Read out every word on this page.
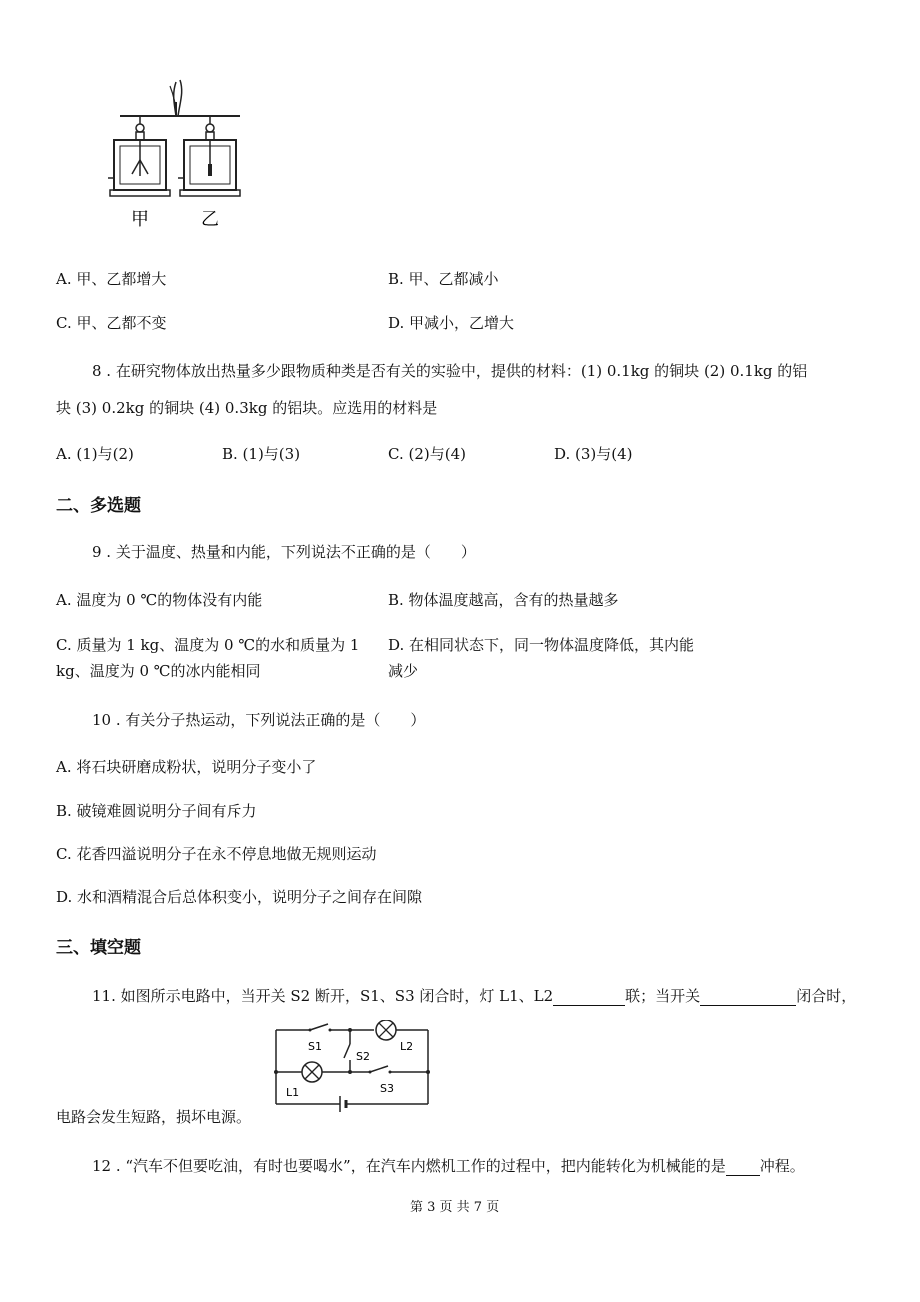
甲	乙
A. 甲、乙都增大	B. 甲、乙都减小
C. 甲、乙都不变	D. 甲减小，乙增大
8 . 在研究物体放出热量多少跟物质种类是否有关的实验中，提供的材料：(1) 0.1kg 的铜块 (2) 0.1kg 的铝
块 (3) 0.2kg 的铜块 (4) 0.3kg 的铝块。应选用的材料是
A. (1)与(2)	B. (1)与(3)	C. (2)与(4)	D. (3)与(4)
二、多选题
9 . 关于温度、热量和内能，下列说法不正确的是（　　）
A. 温度为 0 ℃的物体没有内能	B. 物体温度越高，含有的热量越多
C. 质量为 1 kg、温度为 0 ℃的水和质量为 1
kg、温度为 0 ℃的冰内能相同
D. 在相同状态下，同一物体温度降低，其内能
减少
10 . 有关分子热运动，下列说法正确的是（　　）
A. 将石块研磨成粉状，说明分子变小了
B. 破镜难圆说明分子间有斥力
C. 花香四溢说明分子在永不停息地做无规则运动
D. 水和酒精混合后总体积变小，说明分子之间存在间隙
三、填空题
11. 如图所示电路中，当开关 S2 断开，S1、S3 闭合时，灯 L1、L2	联；当开关	闭合时，
S1
S2
L2
L1	S3
电路会发生短路，损坏电源。
12 . “汽车不但要吃油，有时也要喝水”，在汽车内燃机工作的过程中，把内能转化为机械能的是 冲程。
第 3 页 共 7 页
